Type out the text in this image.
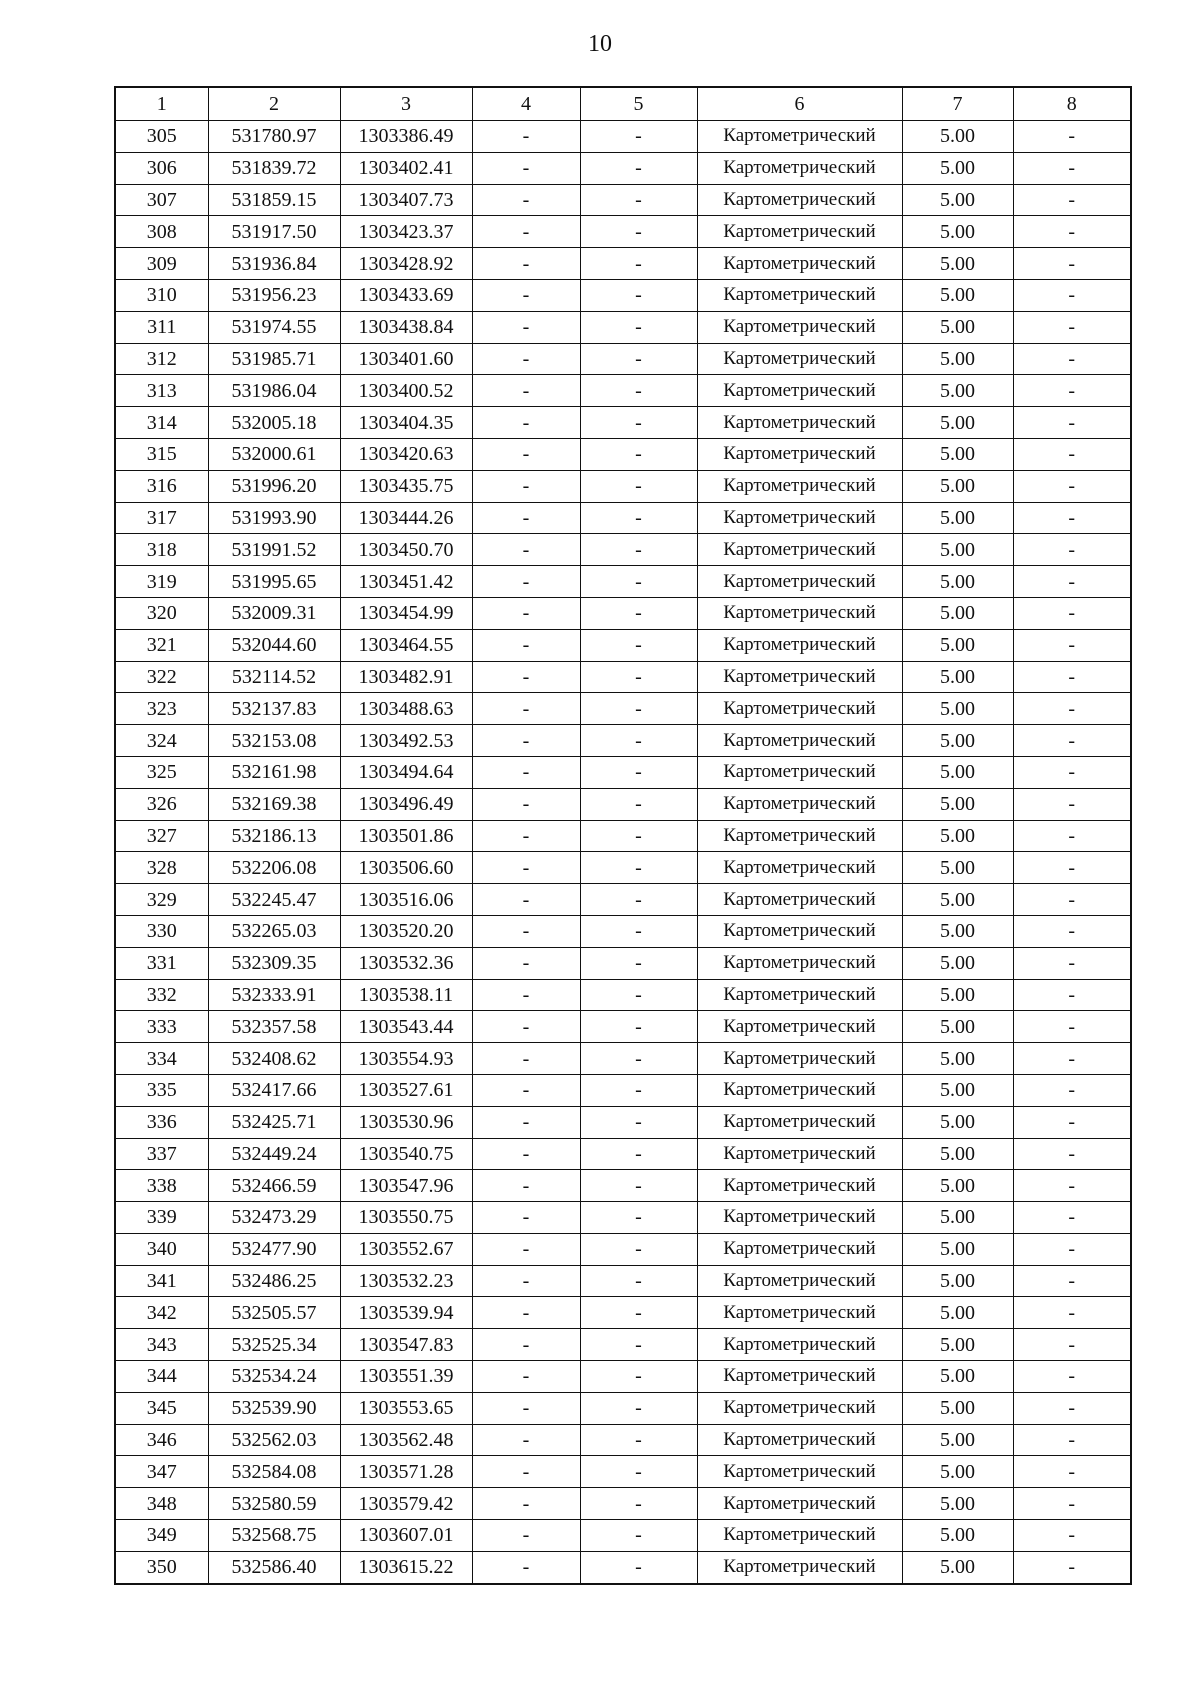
10
1	2	3	4	5	6	7	8
305	531780.97	1303386.49	-	-	Картометрический	5.00	-
306	531839.72	1303402.41	-	-	Картометрический	5.00	-
307	531859.15	1303407.73	-	-	Картометрический	5.00	-
308	531917.50	1303423.37	-	-	Картометрический	5.00	-
309	531936.84	1303428.92	-	-	Картометрический	5.00	-
310	531956.23	1303433.69	-	-	Картометрический	5.00	-
311	531974.55	1303438.84	-	-	Картометрический	5.00	-
312	531985.71	1303401.60	-	-	Картометрический	5.00	-
313	531986.04	1303400.52	-	-	Картометрический	5.00	-
314	532005.18	1303404.35	-	-	Картометрический	5.00	-
315	532000.61	1303420.63	-	-	Картометрический	5.00	-
316	531996.20	1303435.75	-	-	Картометрический	5.00	-
317	531993.90	1303444.26	-	-	Картометрический	5.00	-
318	531991.52	1303450.70	-	-	Картометрический	5.00	-
319	531995.65	1303451.42	-	-	Картометрический	5.00	-
320	532009.31	1303454.99	-	-	Картометрический	5.00	-
321	532044.60	1303464.55	-	-	Картометрический	5.00	-
322	532114.52	1303482.91	-	-	Картометрический	5.00	-
323	532137.83	1303488.63	-	-	Картометрический	5.00	-
324	532153.08	1303492.53	-	-	Картометрический	5.00	-
325	532161.98	1303494.64	-	-	Картометрический	5.00	-
326	532169.38	1303496.49	-	-	Картометрический	5.00	-
327	532186.13	1303501.86	-	-	Картометрический	5.00	-
328	532206.08	1303506.60	-	-	Картометрический	5.00	-
329	532245.47	1303516.06	-	-	Картометрический	5.00	-
330	532265.03	1303520.20	-	-	Картометрический	5.00	-
331	532309.35	1303532.36	-	-	Картометрический	5.00	-
332	532333.91	1303538.11	-	-	Картометрический	5.00	-
333	532357.58	1303543.44	-	-	Картометрический	5.00	-
334	532408.62	1303554.93	-	-	Картометрический	5.00	-
335	532417.66	1303527.61	-	-	Картометрический	5.00	-
336	532425.71	1303530.96	-	-	Картометрический	5.00	-
337	532449.24	1303540.75	-	-	Картометрический	5.00	-
338	532466.59	1303547.96	-	-	Картометрический	5.00	-
339	532473.29	1303550.75	-	-	Картометрический	5.00	-
340	532477.90	1303552.67	-	-	Картометрический	5.00	-
341	532486.25	1303532.23	-	-	Картометрический	5.00	-
342	532505.57	1303539.94	-	-	Картометрический	5.00	-
343	532525.34	1303547.83	-	-	Картометрический	5.00	-
344	532534.24	1303551.39	-	-	Картометрический	5.00	-
345	532539.90	1303553.65	-	-	Картометрический	5.00	-
346	532562.03	1303562.48	-	-	Картометрический	5.00	-
347	532584.08	1303571.28	-	-	Картометрический	5.00	-
348	532580.59	1303579.42	-	-	Картометрический	5.00	-
349	532568.75	1303607.01	-	-	Картометрический	5.00	-
350	532586.40	1303615.22	-	-	Картометрический	5.00	-
